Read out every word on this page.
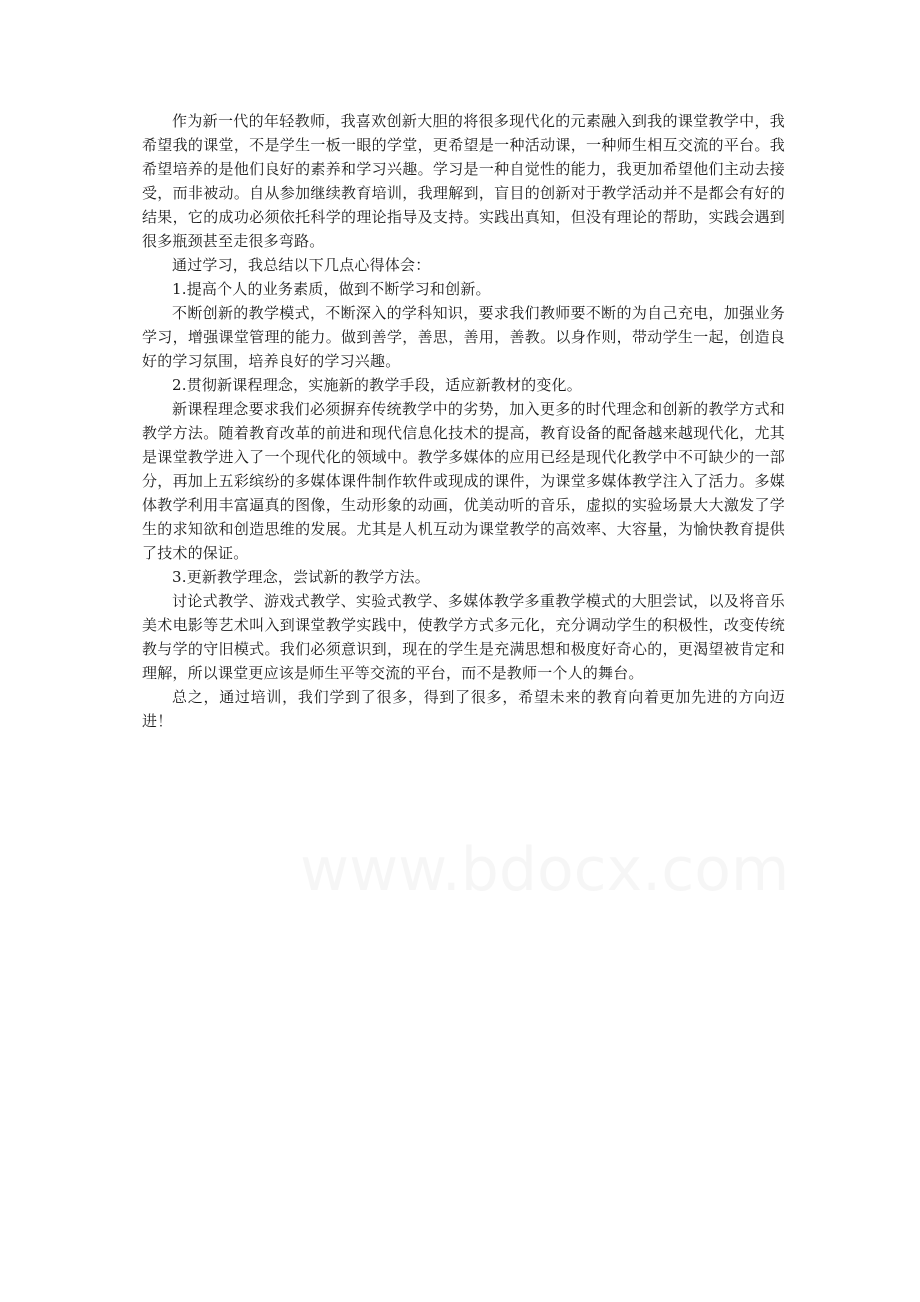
作为新一代的年轻教师，我喜欢创新大胆的将很多现代化的元素融入到我的课堂教学中，我希望我的课堂，不是学生一板一眼的学堂，更希望是一种活动课，一种师生相互交流的平台。我希望培养的是他们良好的素养和学习兴趣。学习是一种自觉性的能力，我更加希望他们主动去接受，而非被动。自从参加继续教育培训，我理解到，盲目的创新对于教学活动并不是都会有好的结果，它的成功必须依托科学的理论指导及支持。实践出真知，但没有理论的帮助，实践会遇到很多瓶颈甚至走很多弯路。

通过学习，我总结以下几点心得体会：

1.提高个人的业务素质，做到不断学习和创新。

不断创新的教学模式，不断深入的学科知识，要求我们教师要不断的为自己充电，加强业务学习，增强课堂管理的能力。做到善学，善思，善用，善教。以身作则，带动学生一起，创造良好的学习氛围，培养良好的学习兴趣。

2.贯彻新课程理念，实施新的教学手段，适应新教材的变化。

新课程理念要求我们必须摒弃传统教学中的劣势，加入更多的时代理念和创新的教学方式和教学方法。随着教育改革的前进和现代信息化技术的提高，教育设备的配备越来越现代化，尤其是课堂教学进入了一个现代化的领域中。教学多媒体的应用已经是现代化教学中不可缺少的一部分，再加上五彩缤纷的多媒体课件制作软件或现成的课件，为课堂多媒体教学注入了活力。多媒体教学利用丰富逼真的图像，生动形象的动画，优美动听的音乐，虚拟的实验场景大大激发了学生的求知欲和创造思维的发展。尤其是人机互动为课堂教学的高效率、大容量，为愉快教育提供了技术的保证。

3.更新教学理念，尝试新的教学方法。

讨论式教学、游戏式教学、实验式教学、多媒体教学多重教学模式的大胆尝试，以及将音乐美术电影等艺术叫入到课堂教学实践中，使教学方式多元化，充分调动学生的积极性，改变传统教与学的守旧模式。我们必须意识到，现在的学生是充满思想和极度好奇心的，更渴望被肯定和理解，所以课堂更应该是师生平等交流的平台，而不是教师一个人的舞台。

总之，通过培训，我们学到了很多，得到了很多，希望未来的教育向着更加先进的方向迈进！
